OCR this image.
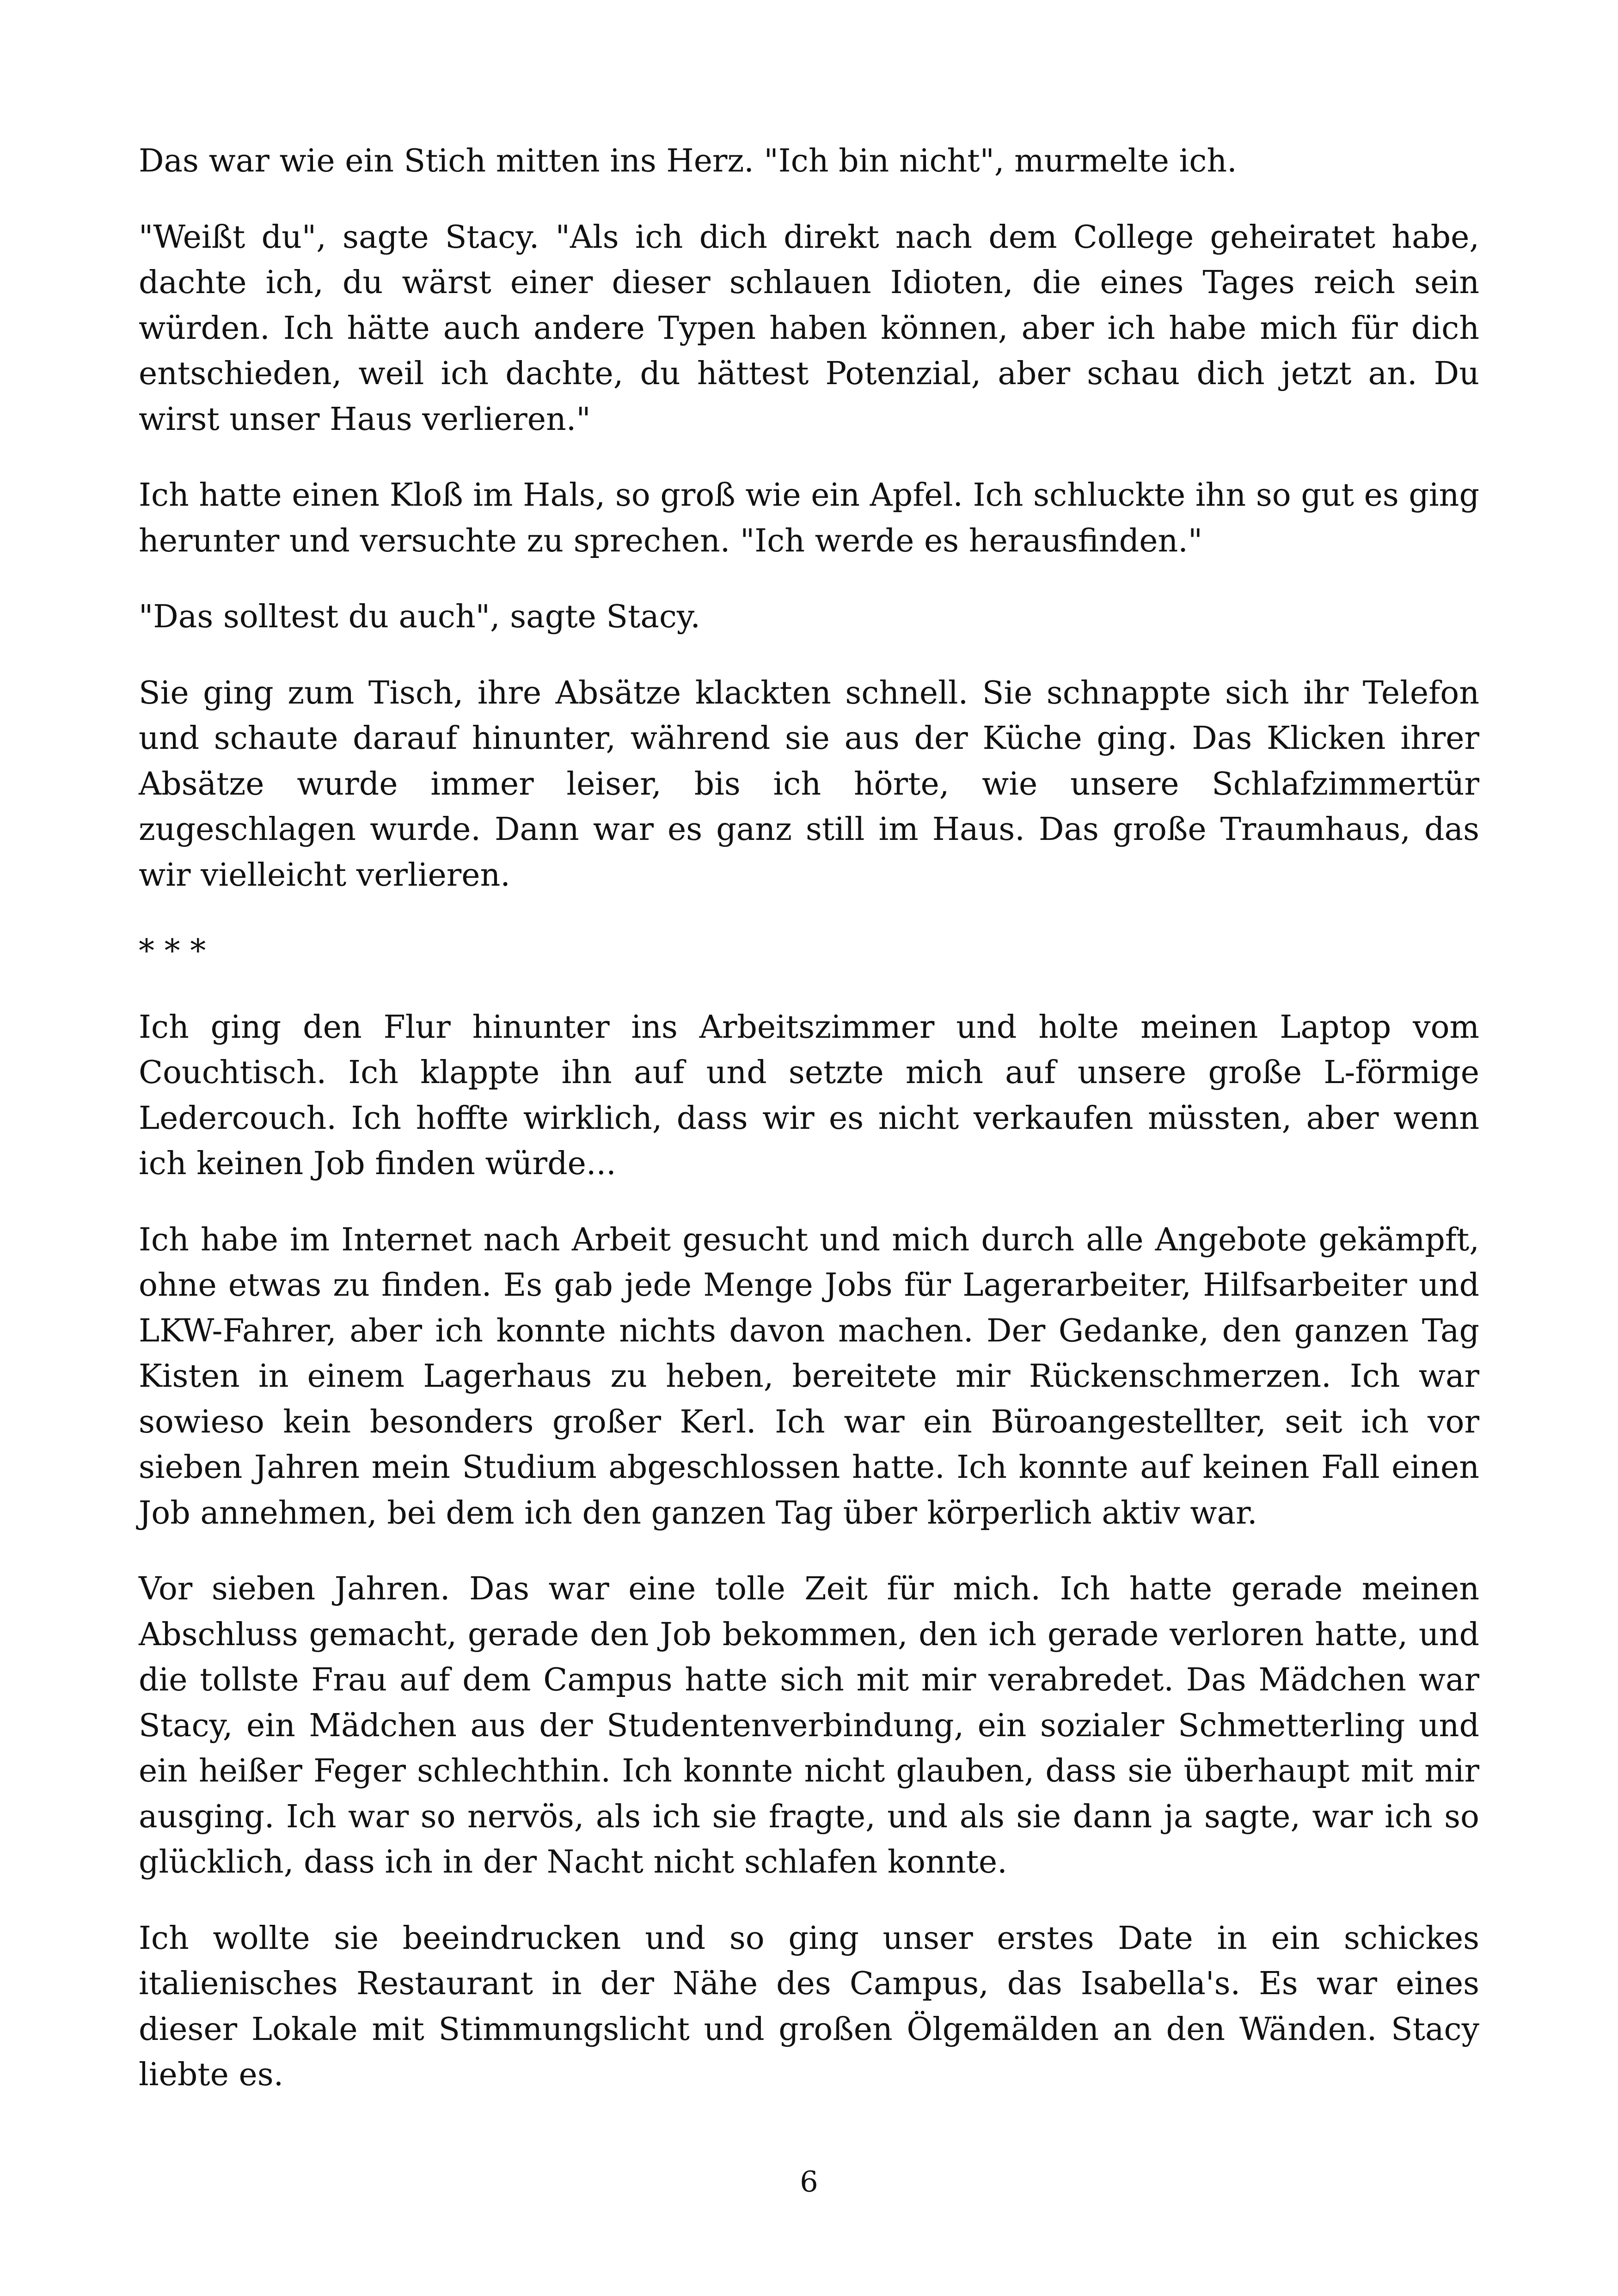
Das war wie ein Stich mitten ins Herz. "Ich bin nicht", murmelte ich.

"Weißt du", sagte Stacy. "Als ich dich direkt nach dem College geheiratet habe, dachte ich, du wärst einer dieser schlauen Idioten, die eines Tages reich sein würden. Ich hätte auch andere Typen haben können, aber ich habe mich für dich entschieden, weil ich dachte, du hättest Potenzial, aber schau dich jetzt an. Du wirst unser Haus verlieren."

Ich hatte einen Kloß im Hals, so groß wie ein Apfel. Ich schluckte ihn so gut es ging herunter und versuchte zu sprechen. "Ich werde es herausfinden."

"Das solltest du auch", sagte Stacy.

Sie ging zum Tisch, ihre Absätze klackten schnell. Sie schnappte sich ihr Telefon und schaute darauf hinunter, während sie aus der Küche ging. Das Klicken ihrer Absätze wurde immer leiser, bis ich hörte, wie unsere Schlafzimmertür zugeschlagen wurde. Dann war es ganz still im Haus. Das große Traumhaus, das wir vielleicht verlieren.

* * *

Ich ging den Flur hinunter ins Arbeitszimmer und holte meinen Laptop vom Couchtisch. Ich klappte ihn auf und setzte mich auf unsere große L-förmige Ledercouch. Ich hoffte wirklich, dass wir es nicht verkaufen müssten, aber wenn ich keinen Job finden würde...

Ich habe im Internet nach Arbeit gesucht und mich durch alle Angebote gekämpft, ohne etwas zu finden. Es gab jede Menge Jobs für Lagerarbeiter, Hilfsarbeiter und LKW-Fahrer, aber ich konnte nichts davon machen. Der Gedanke, den ganzen Tag Kisten in einem Lagerhaus zu heben, bereitete mir Rückenschmerzen. Ich war sowieso kein besonders großer Kerl. Ich war ein Büroangestellter, seit ich vor sieben Jahren mein Studium abgeschlossen hatte. Ich konnte auf keinen Fall einen Job annehmen, bei dem ich den ganzen Tag über körperlich aktiv war.

Vor sieben Jahren. Das war eine tolle Zeit für mich. Ich hatte gerade meinen Abschluss gemacht, gerade den Job bekommen, den ich gerade verloren hatte, und die tollste Frau auf dem Campus hatte sich mit mir verabredet. Das Mädchen war Stacy, ein Mädchen aus der Studentenverbindung, ein sozialer Schmetterling und ein heißer Feger schlechthin. Ich konnte nicht glauben, dass sie überhaupt mit mir ausging. Ich war so nervös, als ich sie fragte, und als sie dann ja sagte, war ich so glücklich, dass ich in der Nacht nicht schlafen konnte.

Ich wollte sie beeindrucken und so ging unser erstes Date in ein schickes italienisches Restaurant in der Nähe des Campus, das Isabella's. Es war eines dieser Lokale mit Stimmungslicht und großen Ölgemälden an den Wänden. Stacy liebte es.

6
